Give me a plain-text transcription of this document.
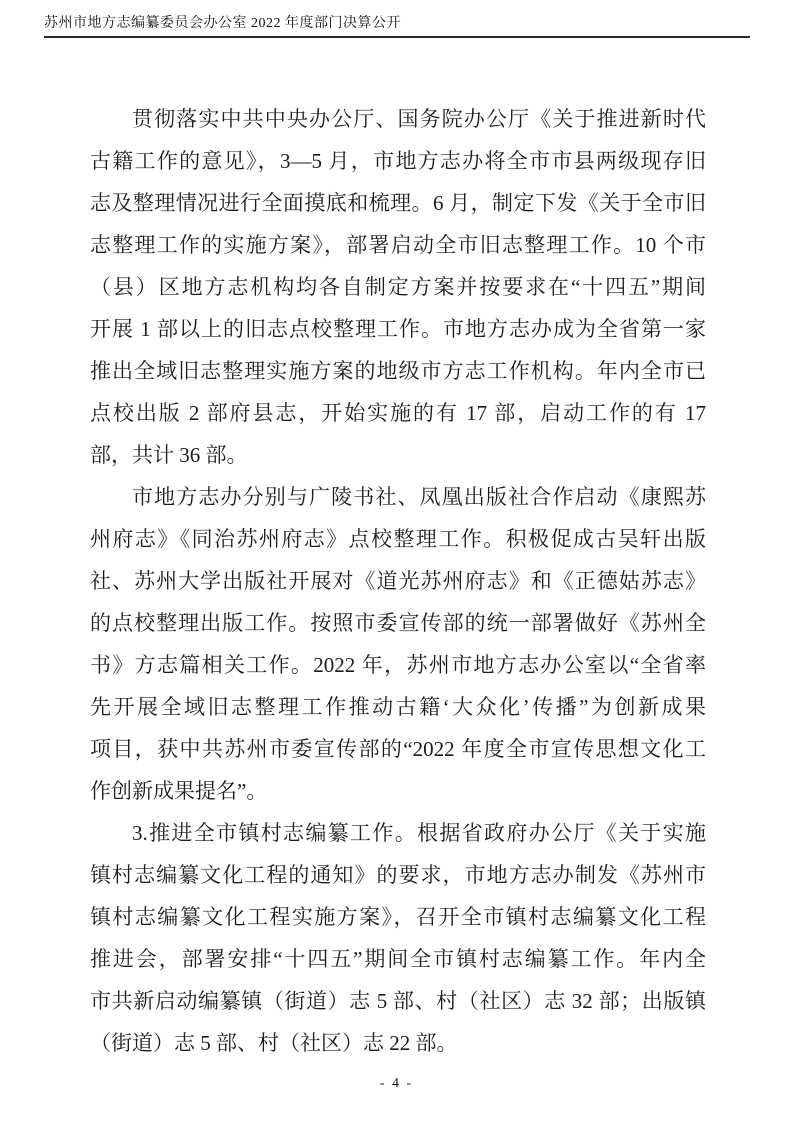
苏州市地方志编纂委员会办公室 2022 年度部门决算公开
贯彻落实中共中央办公厅、国务院办公厅《关于推进新时代
古籍工作的意见》，3—5 月，市地方志办将全市市县两级现存旧
志及整理情况进行全面摸底和梳理。6 月，制定下发《关于全市旧
志整理工作的实施方案》，部署启动全市旧志整理工作。10 个市
（县）区地方志机构均各自制定方案并按要求在“十四五”期间
开展 1 部以上的旧志点校整理工作。市地方志办成为全省第一家
推出全域旧志整理实施方案的地级市方志工作机构。年内全市已
点校出版 2 部府县志，开始实施的有 17 部，启动工作的有 17
部，共计 36 部。
市地方志办分别与广陵书社、凤凰出版社合作启动《康熙苏
州府志》《同治苏州府志》点校整理工作。积极促成古吴轩出版
社、苏州大学出版社开展对《道光苏州府志》和《正德姑苏志》
的点校整理出版工作。按照市委宣传部的统一部署做好《苏州全
书》方志篇相关工作。2022 年，苏州市地方志办公室以“全省率
先开展全域旧志整理工作推动古籍‘大众化’传播”为创新成果
项目，获中共苏州市委宣传部的“2022 年度全市宣传思想文化工
作创新成果提名”。
3.推进全市镇村志编纂工作。根据省政府办公厅《关于实施
镇村志编纂文化工程的通知》的要求，市地方志办制发《苏州市
镇村志编纂文化工程实施方案》，召开全市镇村志编纂文化工程
推进会，部署安排“十四五”期间全市镇村志编纂工作。年内全
市共新启动编纂镇（街道）志 5 部、村（社区）志 32 部；出版镇
（街道）志 5 部、村（社区）志 22 部。
- 4 -
